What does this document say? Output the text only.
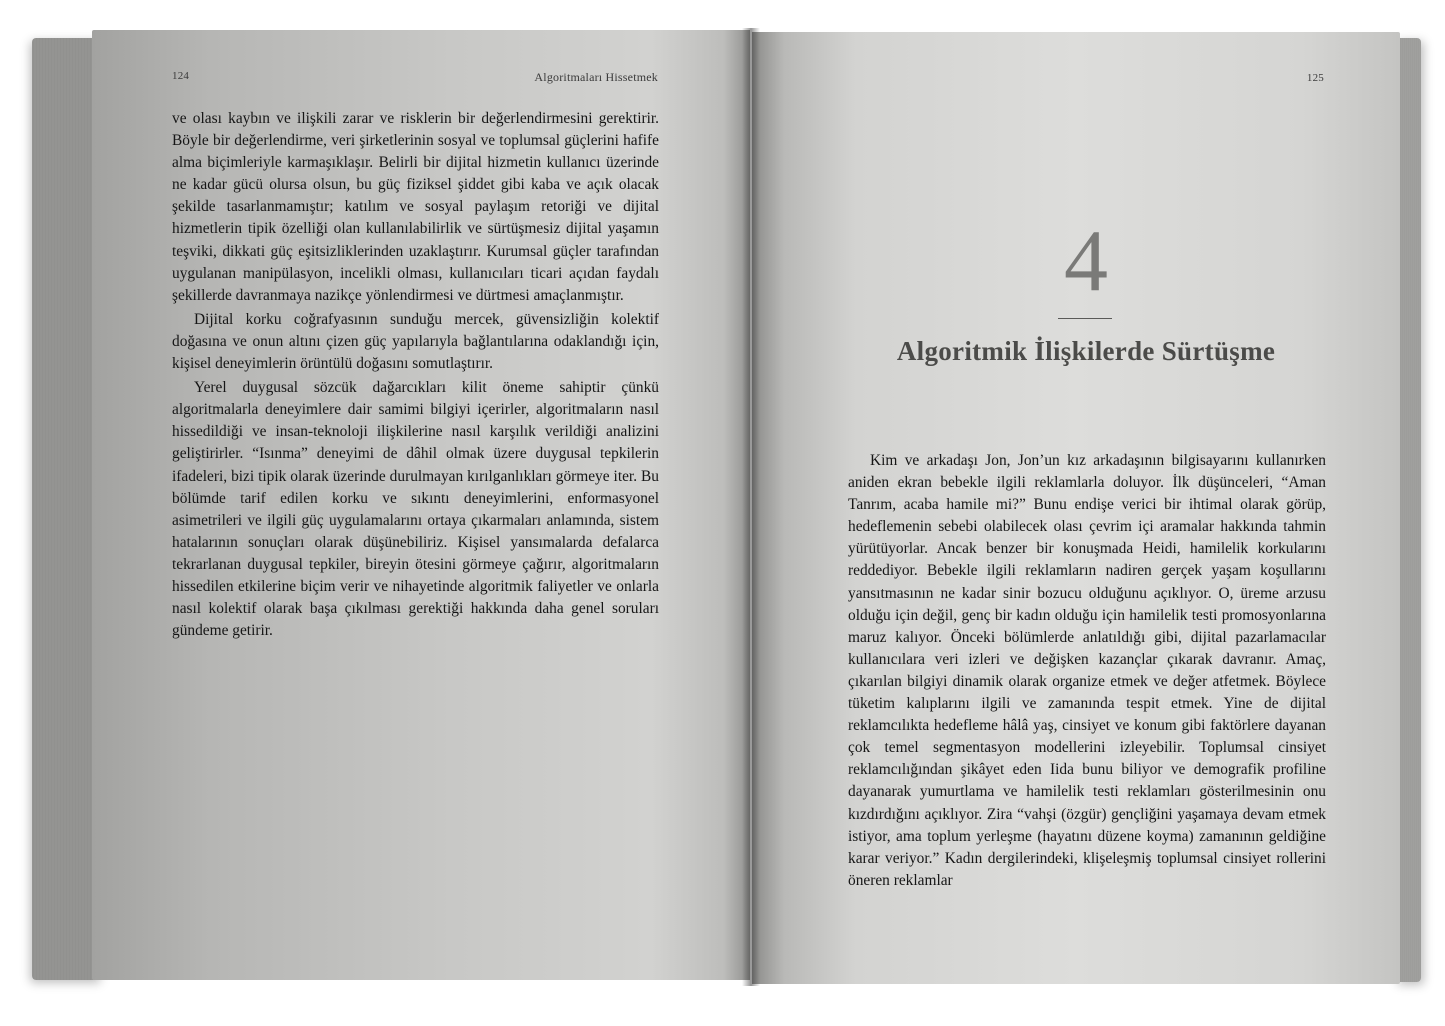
124	Algoritmaları Hissetmek

ve olası kaybın ve ilişkili zarar ve risklerin bir değerlendirmesini gerektirir. Böyle bir değerlendirme, veri şirketlerinin sosyal ve toplumsal güçlerini hafife alma biçimleriyle karmaşıklaşır. Belirli bir dijital hizmetin kullanıcı üzerinde ne kadar gücü olursa olsun, bu güç fiziksel şiddet gibi kaba ve açık olacak şekilde tasarlanmamıştır; katılım ve sosyal paylaşım retoriği ve dijital hizmetlerin tipik özelliği olan kullanılabilirlik ve sürtüşmesiz dijital yaşamın teşviki, dikkati güç eşitsizliklerinden uzaklaştırır. Kurumsal güçler tarafından uygulanan manipülasyon, incelikli olması, kullanıcıları ticari açıdan faydalı şekillerde davranmaya nazikçe yönlendirmesi ve dürtmesi amaçlanmıştır.

Dijital korku coğrafyasının sunduğu mercek, güvensizliğin kolektif doğasına ve onun altını çizen güç yapılarıyla bağlantılarına odaklandığı için, kişisel deneyimlerin örüntülü doğasını somutlaştırır.

Yerel duygusal sözcük dağarcıkları kilit öneme sahiptir çünkü algoritmalarla deneyimlere dair samimi bilgiyi içerirler, algoritmaların nasıl hissedildiği ve insan-teknoloji ilişkilerine nasıl karşılık verildiği analizini geliştirirler. “Isınma” deneyimi de dâhil olmak üzere duygusal tepkilerin ifadeleri, bizi tipik olarak üzerinde durulmayan kırılganlıkları görmeye iter. Bu bölümde tarif edilen korku ve sıkıntı deneyimlerini, enformasyonel asimetrileri ve ilgili güç uygulamalarını ortaya çıkarmaları anlamında, sistem hatalarının sonuçları olarak düşünebiliriz. Kişisel yansımalarda defalarca tekrarlanan duygusal tepkiler, bireyin ötesini görmeye çağırır, algoritmaların hissedilen etkilerine biçim verir ve nihayetinde algoritmik faliyetler ve onlarla nasıl kolektif olarak başa çıkılması gerektiği hakkında daha genel soruları gündeme getirir.

125
4
Algoritmik İlişkilerde Sürtüşme

Kim ve arkadaşı Jon, Jon’un kız arkadaşının bilgisayarını kullanırken aniden ekran bebekle ilgili reklamlarla doluyor. İlk düşünceleri, “Aman Tanrım, acaba hamile mi?” Bunu endişe verici bir ihtimal olarak görüp, hedeflemenin sebebi olabilecek olası çevrim içi aramalar hakkında tahmin yürütüyorlar. Ancak benzer bir konuşmada Heidi, hamilelik korkularını reddediyor. Bebekle ilgili reklamların nadiren gerçek yaşam koşullarını yansıtmasının ne kadar sinir bozucu olduğunu açıklıyor. O, üreme arzusu olduğu için değil, genç bir kadın olduğu için hamilelik testi promosyonlarına maruz kalıyor. Önceki bölümlerde anlatıldığı gibi, dijital pazarlamacılar kullanıcılara veri izleri ve değişken kazançlar çıkarak davranır. Amaç, çıkarılan bilgiyi dinamik olarak organize etmek ve değer atfetmek. Böylece tüketim kalıplarını ilgili ve zamanında tespit etmek. Yine de dijital reklamcılıkta hedefleme hâlâ yaş, cinsiyet ve konum gibi faktörlere dayanan çok temel segmentasyon modellerini izleyebilir. Toplumsal cinsiyet reklamcılığından şikâyet eden Iida bunu biliyor ve demografik profiline dayanarak yumurtlama ve hamilelik testi reklamları gösterilmesinin onu kızdırdığını açıklıyor. Zira “vahşi (özgür) gençliğini yaşamaya devam etmek istiyor, ama toplum yerleşme (hayatını düzene koyma) zamanının geldiğine karar veriyor.” Kadın dergilerindeki, klişeleşmiş toplumsal cinsiyet rollerini öneren reklamlar
